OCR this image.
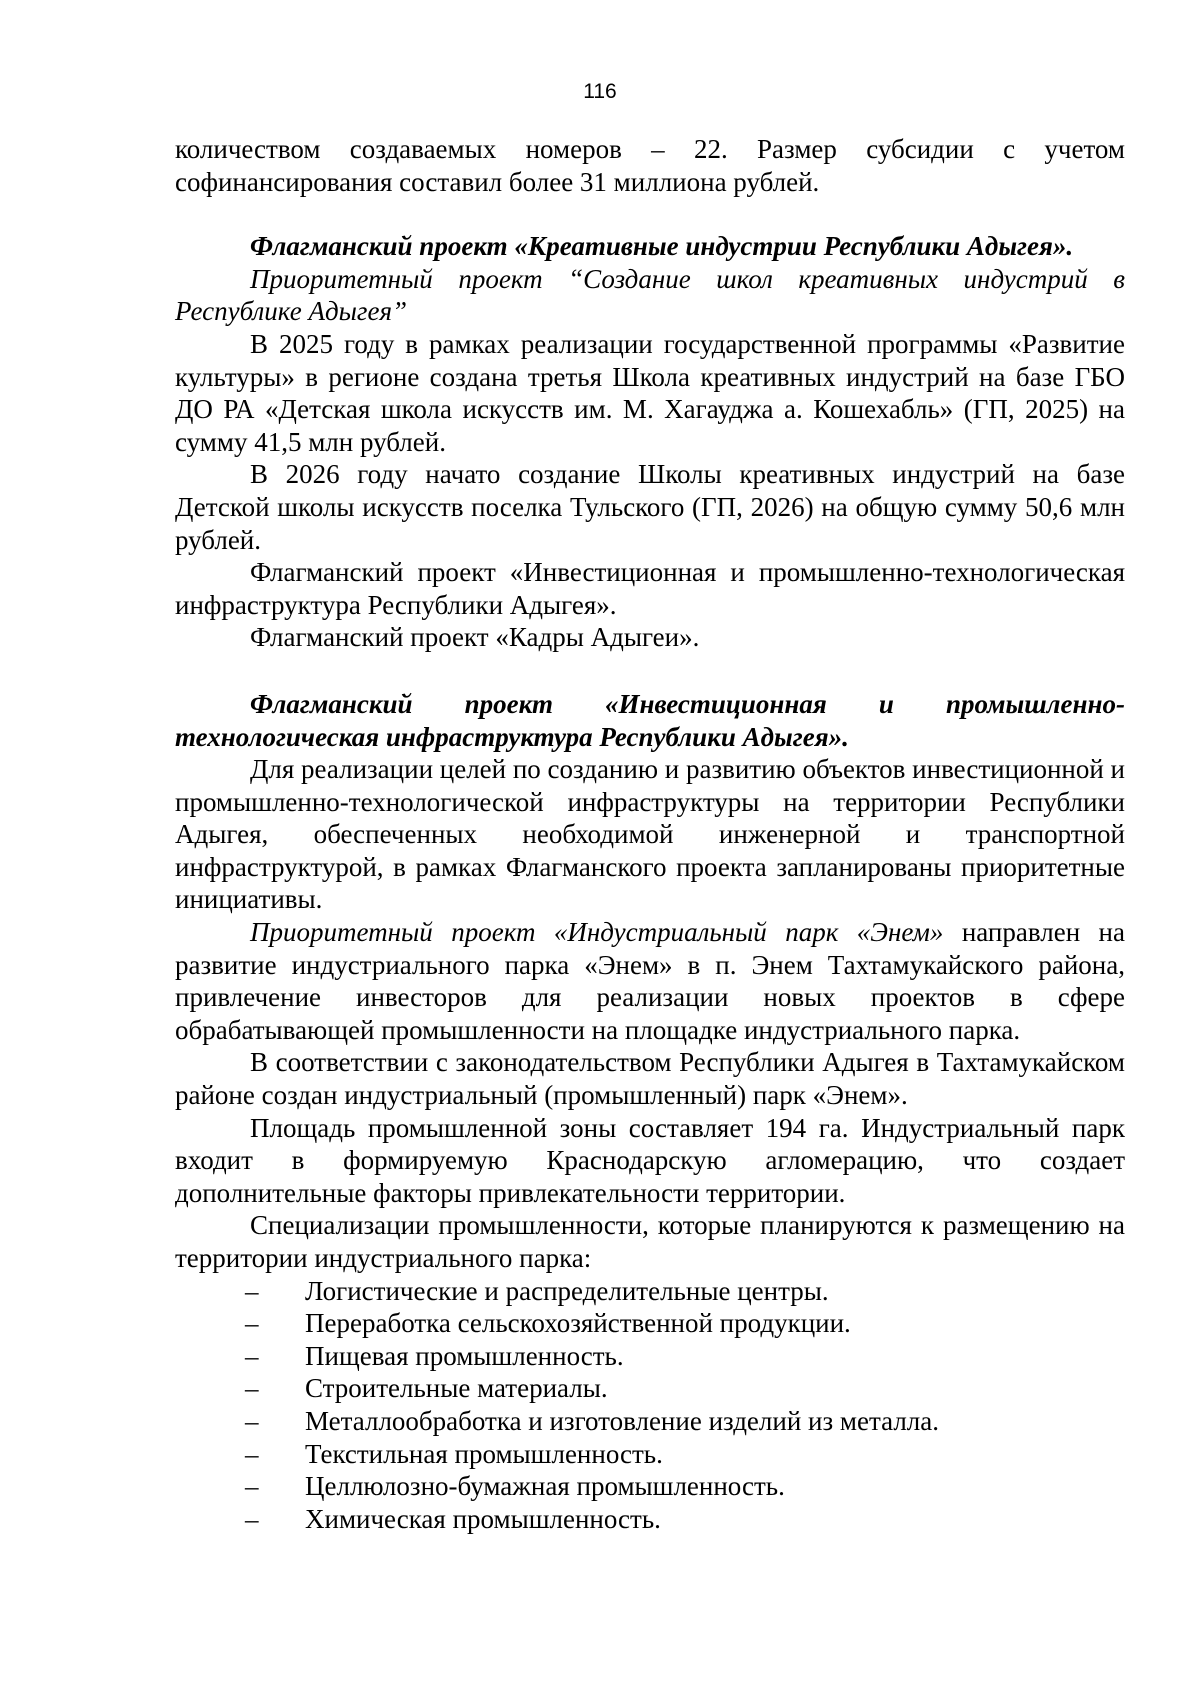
116

количеством создаваемых номеров – 22. Размер субсидии с учетом софинансирования составил более 31 миллиона рублей.

Флагманский проект «Креативные индустрии Республики Адыгея».

Приоритетный проект “Создание школ креативных индустрий в Республике Адыгея”

В 2025 году в рамках реализации государственной программы «Развитие культуры» в регионе создана третья Школа креативных индустрий на базе ГБО ДО РА «Детская школа искусств им. М. Хагауджа а. Кошехабль» (ГП, 2025) на сумму 41,5 млн рублей.

В 2026 году начато создание Школы креативных индустрий на базе Детской школы искусств поселка Тульского (ГП, 2026) на общую сумму 50,6 млн рублей.

Флагманский проект «Инвестиционная и промышленно-технологическая инфраструктура Республики Адыгея».

Флагманский проект «Кадры Адыгеи».

Флагманский проект «Инвестиционная и промышленно-технологическая инфраструктура Республики Адыгея».

Для реализации целей по созданию и развитию объектов инвестиционной и промышленно-технологической инфраструктуры на территории Республики Адыгея, обеспеченных необходимой инженерной и транспортной инфраструктурой, в рамках Флагманского проекта запланированы приоритетные инициативы.

Приоритетный проект «Индустриальный парк «Энем» направлен на развитие индустриального парка «Энем» в п. Энем Тахтамукайского района, привлечение инвесторов для реализации новых проектов в сфере обрабатывающей промышленности на площадке индустриального парка.

В соответствии с законодательством Республики Адыгея в Тахтамукайском районе создан индустриальный (промышленный) парк «Энем».

Площадь промышленной зоны составляет 194 га. Индустриальный парк входит в формируемую Краснодарскую агломерацию, что создает дополнительные факторы привлекательности территории.

Специализации промышленности, которые планируются к размещению на территории индустриального парка:

– Логистические и распределительные центры.
– Переработка сельскохозяйственной продукции.
– Пищевая промышленность.
– Строительные материалы.
– Металлообработка и изготовление изделий из металла.
– Текстильная промышленность.
– Целлюлозно-бумажная промышленность.
– Химическая промышленность.
